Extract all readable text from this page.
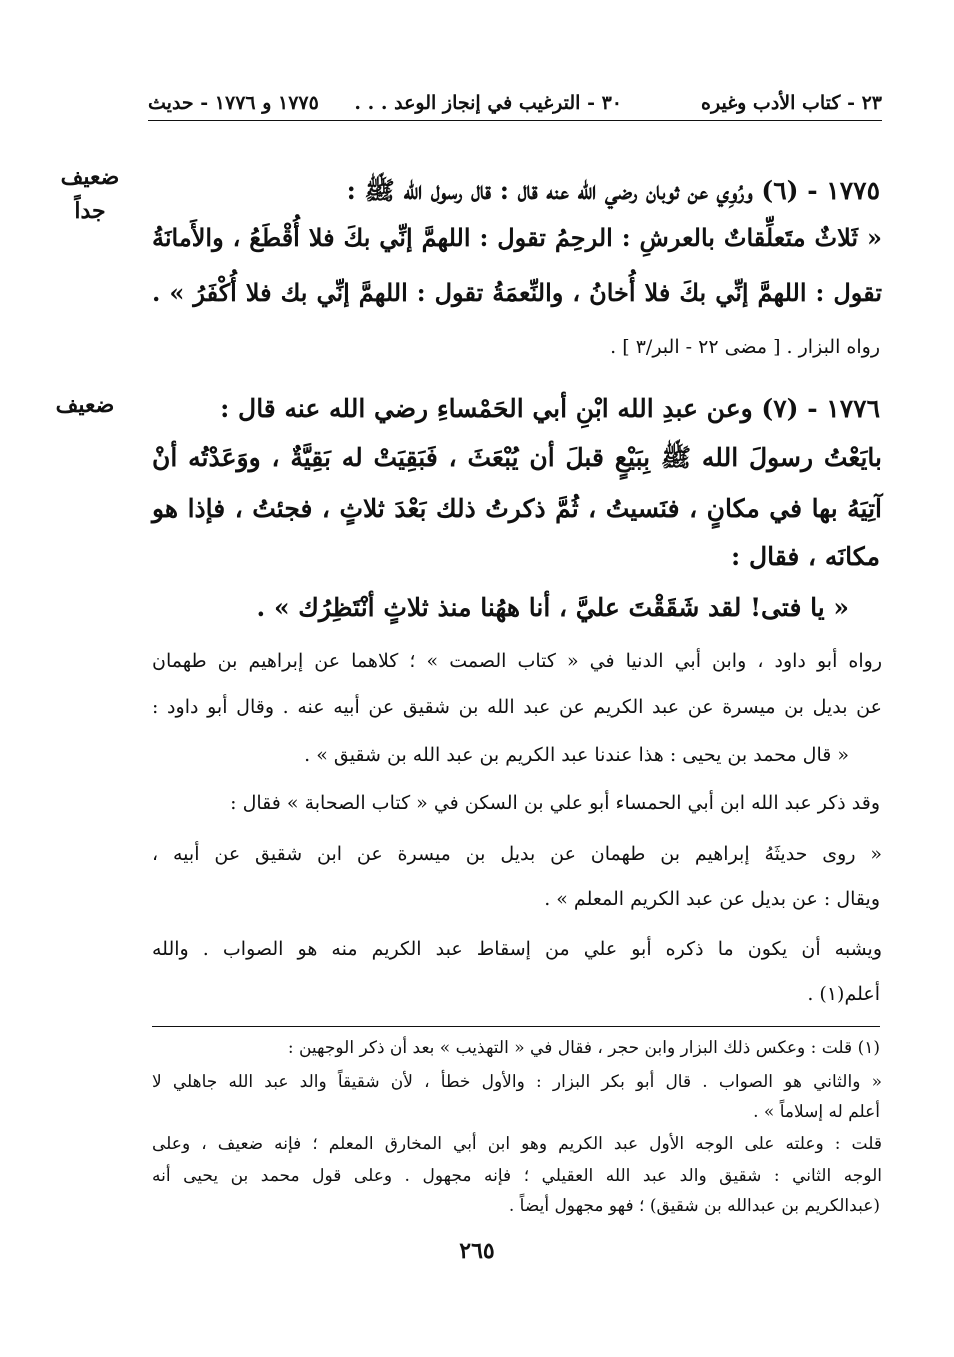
٢٣ - كتاب الأدب وغيره
٣٠ - الترغيب في إنجاز الوعد . . .
١٧٧٥ و ١٧٧٦ - حديث
ضعيف
جداً
١٧٧٥ - (٦) ورُوِي عن ثوبان رضي الله عنه قال : قال رسول الله ﷺ :
« ثَلاثٌ متَعلِّقاتٌ بالعرشِ : الرحِمُ تقول : اللهمَّ إنِّي بكَ فلا أُقْطَعُ ، والأَمانَةُ
تقول : اللهمَّ إنِّي بكَ فلا أُخانُ ، والنِّعمَةُ تقول : اللهمَّ إنِّي بك فلا أُكْفَرُ » .
رواه البزار . [ مضى ٢٢ - البر/٣ ] .
ضعيف	١٧٧٦ - (٧) وعن عبدِ الله ابْنِ أبي الحَمْساءِ رضي الله عنه قال :
بايَعْتُ رسولَ الله ﷺ بِبَيْعٍ قبلَ أن يُبْعَثَ ، فَبَقِيَتْ له بَقِيَّةٌ ، ووَعَدْتُه أنْ
آتِيَهُ بها في مكانٍ ، فنَسيتُ ، ثُمَّ ذكرتُ ذلك بَعْدَ ثلاثٍ ، فجئتُ ، فإذا هو
مكانَه ، فقال :
« يا فتى! لقد شَقَقْتَ عليَّ ، أنا ههُنا منذ ثلاثٍ أنْتَظِرُك » .
رواه أبو داود ، وابن أبي الدنيا في « كتاب الصمت » ؛ كلاهما عن إبراهيم بن طهمان
عن بديل بن ميسرة عن عبد الكريم عن عبد الله بن شقيق عن أبيه عنه . وقال أبو داود :
« قال محمد بن يحيى : هذا عندنا عبد الكريم بن عبد الله بن شقيق » .
وقد ذكر عبد الله ابن أبي الحمساء أبو علي بن السكن في « كتاب الصحابة » فقال :
« روى حديثَهُ إبراهيم بن طهمان عن بديل بن ميسرة عن ابن شقيق عن أبيه ،
ويقال : عن بديل عن عبد الكريم المعلم » .
ويشبه أن يكون ما ذكره أبو علي من إسقاط عبد الكريم منه هو الصواب . والله
أعلم(١) .
(١) قلت : وعكس ذلك البزار وابن حجر ، فقال في « التهذيب » بعد أن ذكر الوجهين :
« والثاني هو الصواب . قال أبو بكر البزار : والأول خطأ ، لأن شقيقاً والد عبد الله جاهلي لا
أعلم له إسلاماً » .
قلت : وعلته على الوجه الأول عبد الكريم وهو ابن أبي المخارق المعلم ؛ فإنه ضعيف ، وعلى
الوجه الثاني : شقيق والد عبد الله العقيلي ؛ فإنه مجهول . وعلى قول محمد بن يحيى أنه
(عبدالكريم بن عبدالله بن شقيق) ؛ فهو مجهول أيضاً .
٢٦٥
